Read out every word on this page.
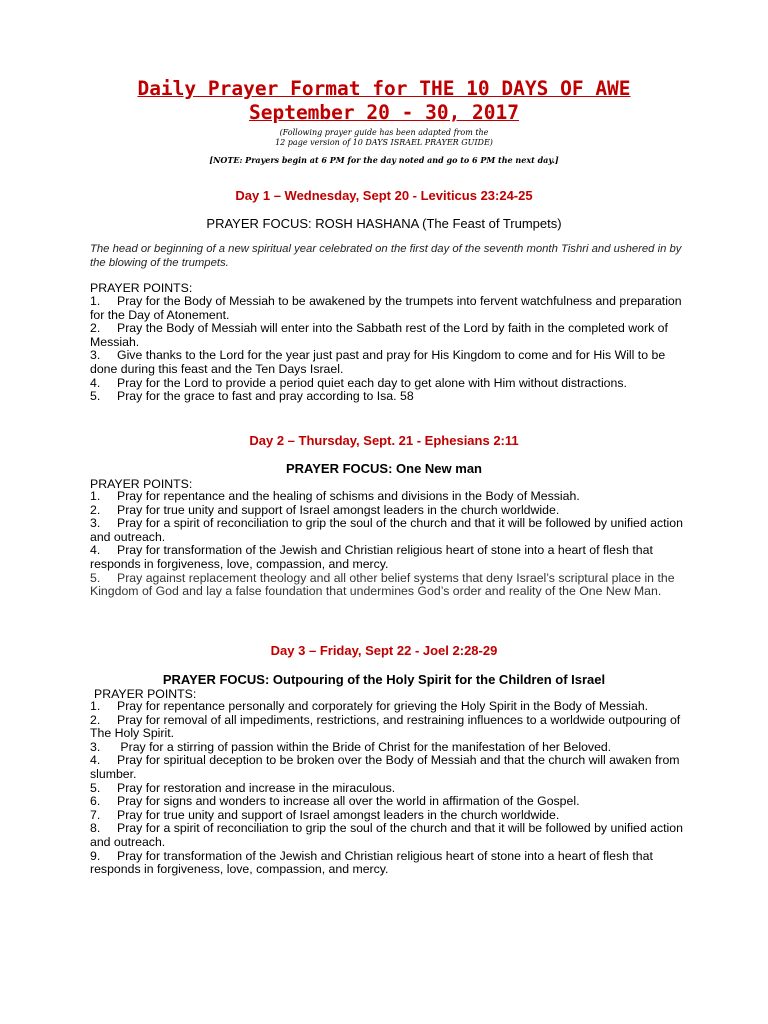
Daily Prayer Format for THE 10 DAYS OF AWE
September 20 - 30, 2017
(Following prayer guide has been adapted from the
12 page version of 10 DAYS ISRAEL PRAYER GUIDE)
[NOTE: Prayers begin at 6 PM for the day noted and go to 6 PM the next day.]
Day 1 – Wednesday, Sept 20 - Leviticus 23:24-25
PRAYER FOCUS: ROSH HASHANA (The Feast of Trumpets)
The head or beginning of a new spiritual year celebrated on the first day of the seventh month Tishri and ushered in by the blowing of the trumpets.
PRAYER POINTS:

1. Pray for the Body of Messiah to be awakened by the trumpets into fervent watchfulness and preparation for the Day of Atonement.

2. Pray the Body of Messiah will enter into the Sabbath rest of the Lord by faith in the completed work of Messiah.

3. Give thanks to the Lord for the year just past and pray for His Kingdom to come and for His Will to be done during this feast and the Ten Days Israel.

4. Pray for the Lord to provide a period quiet each day to get alone with Him without distractions.

5. Pray for the grace to fast and pray according to Isa. 58

Day 2 – Thursday, Sept. 21 - Ephesians 2:11
PRAYER FOCUS: One New man
PRAYER POINTS:

1. Pray for repentance and the healing of schisms and divisions in the Body of Messiah.

2. Pray for true unity and support of Israel amongst leaders in the church worldwide.

3. Pray for a spirit of reconciliation to grip the soul of the church and that it will be followed by unified action and outreach.

4. Pray for transformation of the Jewish and Christian religious heart of stone into a heart of flesh that responds in forgiveness, love, compassion, and mercy.

5. Pray against replacement theology and all other belief systems that deny Israel’s scriptural place in the Kingdom of God and lay a false foundation that undermines God’s order and reality of the One New Man.

Day 3 – Friday, Sept 22 - Joel 2:28-29
PRAYER FOCUS: Outpouring of the Holy Spirit for the Children of Israel
PRAYER POINTS:

1. Pray for repentance personally and corporately for grieving the Holy Spirit in the Body of Messiah.

2. Pray for removal of all impediments, restrictions, and restraining influences to a worldwide outpouring of The Holy Spirit.

3. Pray for a stirring of passion within the Bride of Christ for the manifestation of her Beloved.

4. Pray for spiritual deception to be broken over the Body of Messiah and that the church will awaken from slumber.

5. Pray for restoration and increase in the miraculous.

6. Pray for signs and wonders to increase all over the world in affirmation of the Gospel.

7. Pray for true unity and support of Israel amongst leaders in the church worldwide.

8. Pray for a spirit of reconciliation to grip the soul of the church and that it will be followed by unified action and outreach.

9. Pray for transformation of the Jewish and Christian religious heart of stone into a heart of flesh that responds in forgiveness, love, compassion, and mercy.
